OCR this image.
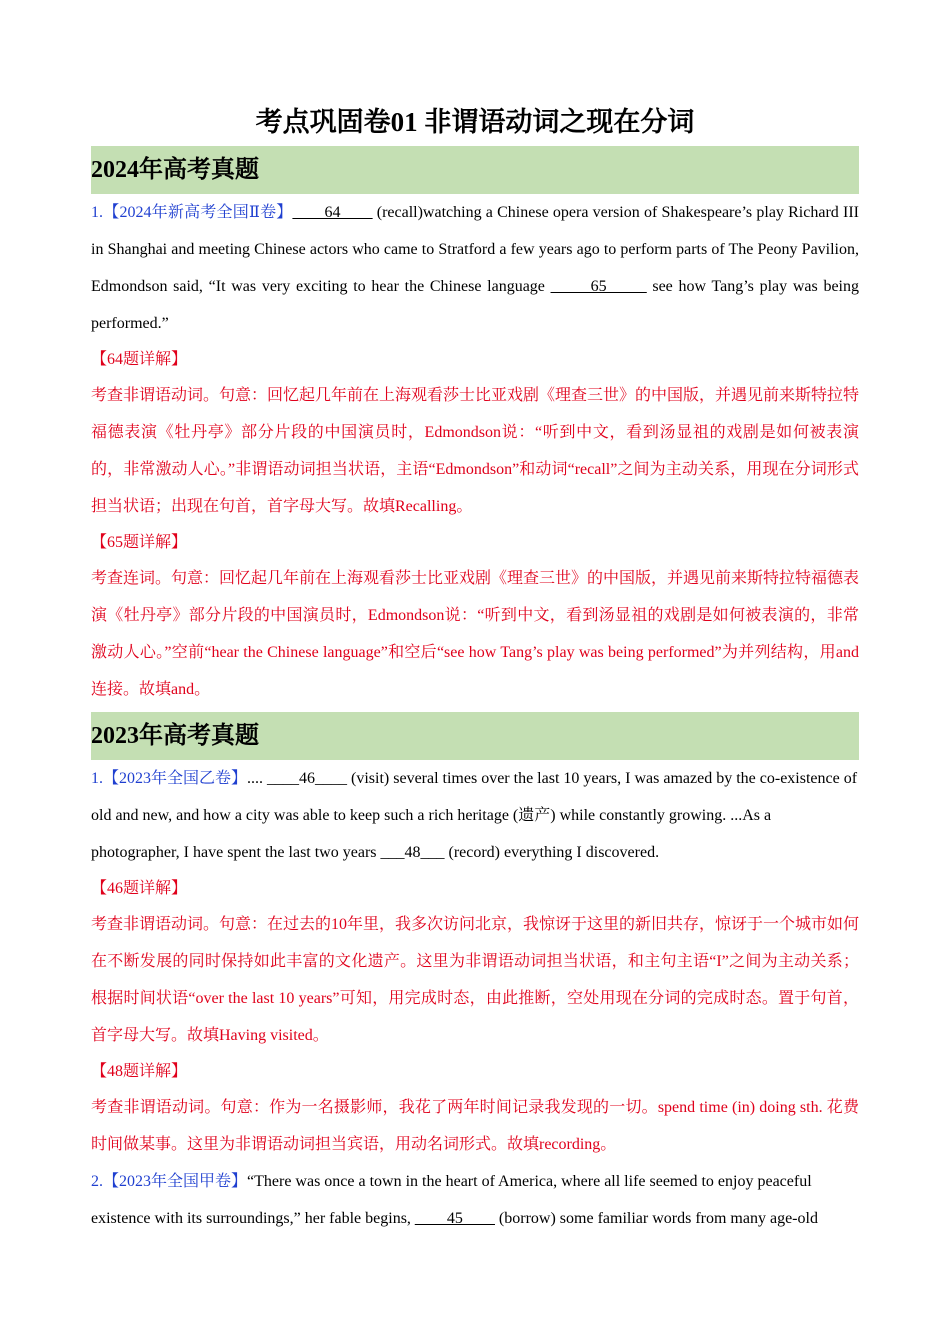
考点巩固卷01 非谓语动词之现在分词
2024年高考真题

1.【2024年新高考全国Ⅱ卷】____64____ (recall)watching a Chinese opera version of Shakespeare’s play Richard III in Shanghai and meeting Chinese actors who came to Stratford a few years ago to perform parts of The Peony Pavilion, Edmondson said, “It was very exciting to hear the Chinese language _____65_____ see how Tang’s play was being performed.”

【64题详解】

考查非谓语动词。句意：回忆起几年前在上海观看莎士比亚戏剧《理查三世》的中国版，并遇见前来斯特拉特福德表演《牡丹亭》部分片段的中国演员时，Edmondson说：“听到中文，看到汤显祖的戏剧是如何被表演的，非常激动人心。”非谓语动词担当状语，主语“Edmondson”和动词“recall”之间为主动关系，用现在分词形式担当状语；出现在句首，首字母大写。故填Recalling。

【65题详解】

考查连词。句意：回忆起几年前在上海观看莎士比亚戏剧《理查三世》的中国版，并遇见前来斯特拉特福德表演《牡丹亭》部分片段的中国演员时，Edmondson说：“听到中文，看到汤显祖的戏剧是如何被表演的，非常激动人心。”空前“hear the Chinese language”和空后“see how Tang’s play was being performed”为并列结构，用and连接。故填and。

2023年高考真题

1.【2023年全国乙卷】.... ____46____ (visit) several times over the last 10 years, I was amazed by the co-existence of old and new, and how a city was able to keep such a rich heritage (遗产) while constantly growing. ...As a photographer, I have spent the last two years ___48___ (record) everything I discovered.

【46题详解】

考查非谓语动词。句意：在过去的10年里，我多次访问北京，我惊讶于这里的新旧共存，惊讶于一个城市如何在不断发展的同时保持如此丰富的文化遗产。这里为非谓语动词担当状语，和主句主语“I”之间为主动关系；根据时间状语“over the last 10 years”可知，用完成时态，由此推断，空处用现在分词的完成时态。置于句首，首字母大写。故填Having visited。

【48题详解】

考查非谓语动词。句意：作为一名摄影师，我花了两年时间记录我发现的一切。spend time (in) doing sth. 花费时间做某事。这里为非谓语动词担当宾语，用动名词形式。故填recording。

2.【2023年全国甲卷】“There was once a town in the heart of America, where all life seemed to enjoy peaceful existence with its surroundings,” her fable begins, ____45____ (borrow) some familiar words from many age-old
